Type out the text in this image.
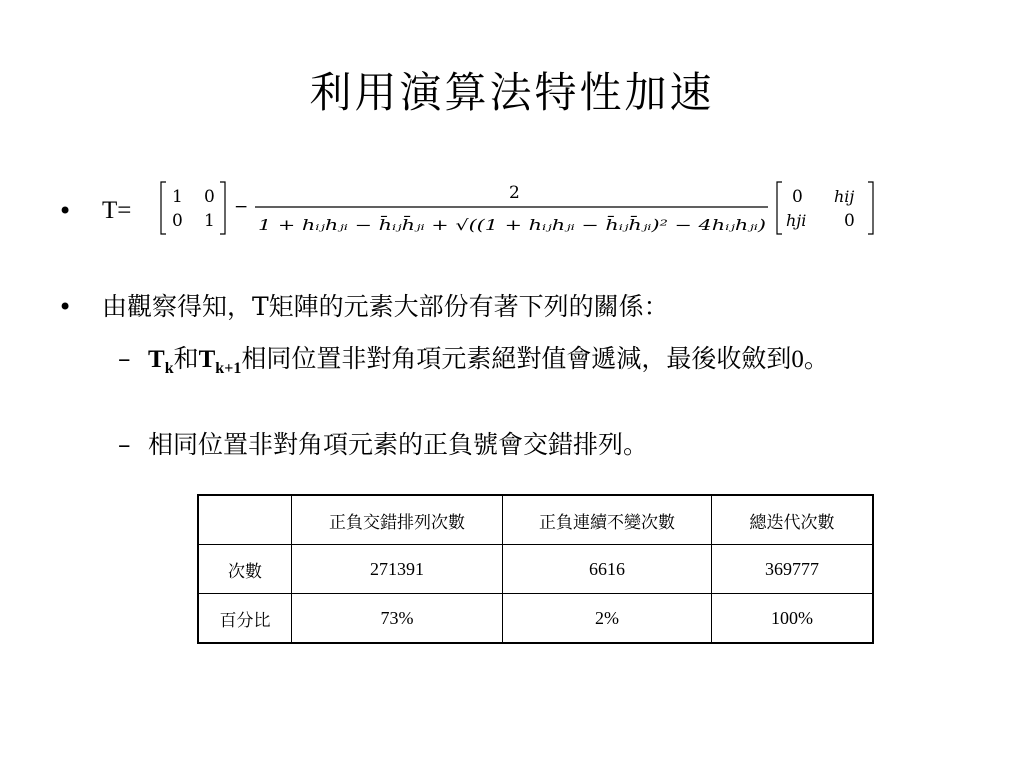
利用演算法特性加速
• T= 1 0
0 1
−
2
1 + hᵢⱼhⱼᵢ − h̄ᵢⱼh̄ⱼᵢ + √((1 + hᵢⱼhⱼᵢ − h̄ᵢⱼh̄ⱼᵢ)² − 4hᵢⱼhⱼᵢ)
0 hij
hji 0
• 由觀察得知，T矩陣的元素大部份有著下列的關係：
– $T_k$和$T_{k+1}$相同位置非對角項元素絕對值會遞減，最後收斂到0。
– 相同位置非對角項元素的正負號會交錯排列。
	正負交錯排列次數	正負連續不變次數	總迭代次數
次數	271391	6616	369777
百分比	73%	2%	100%
